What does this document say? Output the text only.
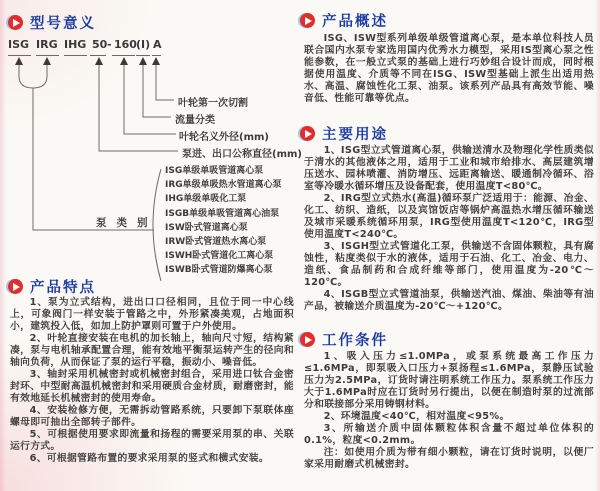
型号意义
ISG IRG IHG 50 - 160 (Ⅰ) A
叶轮第一次切割
流量分类
叶轮名义外径(mm)
泵进、出口公称直径(mm)
泵类别
ISG单级单吸管道离心泵
IRG单级单吸热水管道离心泵
IHG单级单吸化工泵
ISGB单级单吸管道离心油泵
ISW卧式管道离心泵
IRW卧式管道热水离心泵
ISWH卧式管道化工离心泵
ISWB卧式管道防爆离心泵
产品特点

1、泵为立式结构，进出口口径相同，且位于同一中心线上，可象阀门一样安装于管路之中，外形紧凑美观，占地面积小，建筑投入低，如加上防护罩则可置于户外使用。

2、叶轮直接安装在电机的加长轴上，轴向尺寸短，结构紧凑，泵与电机轴承配置合理，能有效地平衡泵运转产生的径向和轴向负荷，从而保证了泵的运行平稳，振动小、噪音低。

3、轴封采用机械密封或机械密封组合，采用进口钛合金密封环、中型耐高温机械密封和采用硬质合金材质，耐磨密封，能有效地延长机械密封的使用寿命。

4、安装检修方便，无需拆动管路系统，只要卸下泵联体座螺母即可抽出全部转子部件。

5、可根据使用要求即流量和扬程的需要采用泵的串、关联运行方式。

6、可根据管路布置的要求采用泵的竖式和横式安装。

产品概述

ISG、ISW型系列单级单级管道离心泵，是本单位科技人员联合国内水泵专家选用国内优秀水力模型，采用IS型离心泵之性能参数，在一般立式泵的基础上进行巧妙组合设计而成，同时根据使用温度、介质等不同在ISG、ISW型基础上派生出适用热水、高温、腐蚀性化工泵、油泵。该系列产品具有高效节能、噪音低、性能可靠等优点。

主要用途

1、ISG型立式管道离心泵，供输送清水及物理化学性质类似于清水的其他液体之用，适用于工业和城市给排水、高层建筑增压送水、园林喷灌、消防增压、远距离输送、暖通制冷循环、浴室等冷暖水循环增压及设备配套，使用温度T<80℃。

2、IRG型立式热水(高温)循环泵广泛适用于：能源、冶金、化工、纺织、造纸，以及宾馆饭店等锅炉高温热水增压循环输送及城市采暖系统循环用泵，IRG型使用温度T<120℃，IRG型使用温度T<240℃。

3、ISGH型立式管道化工泵，供输送不含固体颗粒，具有腐蚀性，粘度类似于水的液体，适用于石油、化工、冶金、电力、造纸、食品制药和合成纤维等部门，使用温度为-20℃～120℃。

4、ISGB型立式管道油泵，供输送汽油、煤油、柴油等有油产品，被输送介质温度为-20℃～+120℃。

工作条件

1、吸入压力≤1.0MPa，或泵系统最高工作压力≤1.6MPa，即泵吸入口压力+泵扬程≤1.6MPa，泵静压试验压力为2.5MPa，订货时请注明系统工作压力。泵系统工作压力大于1.6MPa时应在订货时另行提出，以便在制造时泵的过流部分和联接部分采用铸钢材料。

2、环境温度<40℃，相对温度<95%。

3、所输送介质中固体颗粒体积含量不超过单位体积的0.1%，粒度<0.2mm。

注：如使用介质为带有细小颗粒，请在订货时说明，以便厂家采用耐磨式机械密封。
